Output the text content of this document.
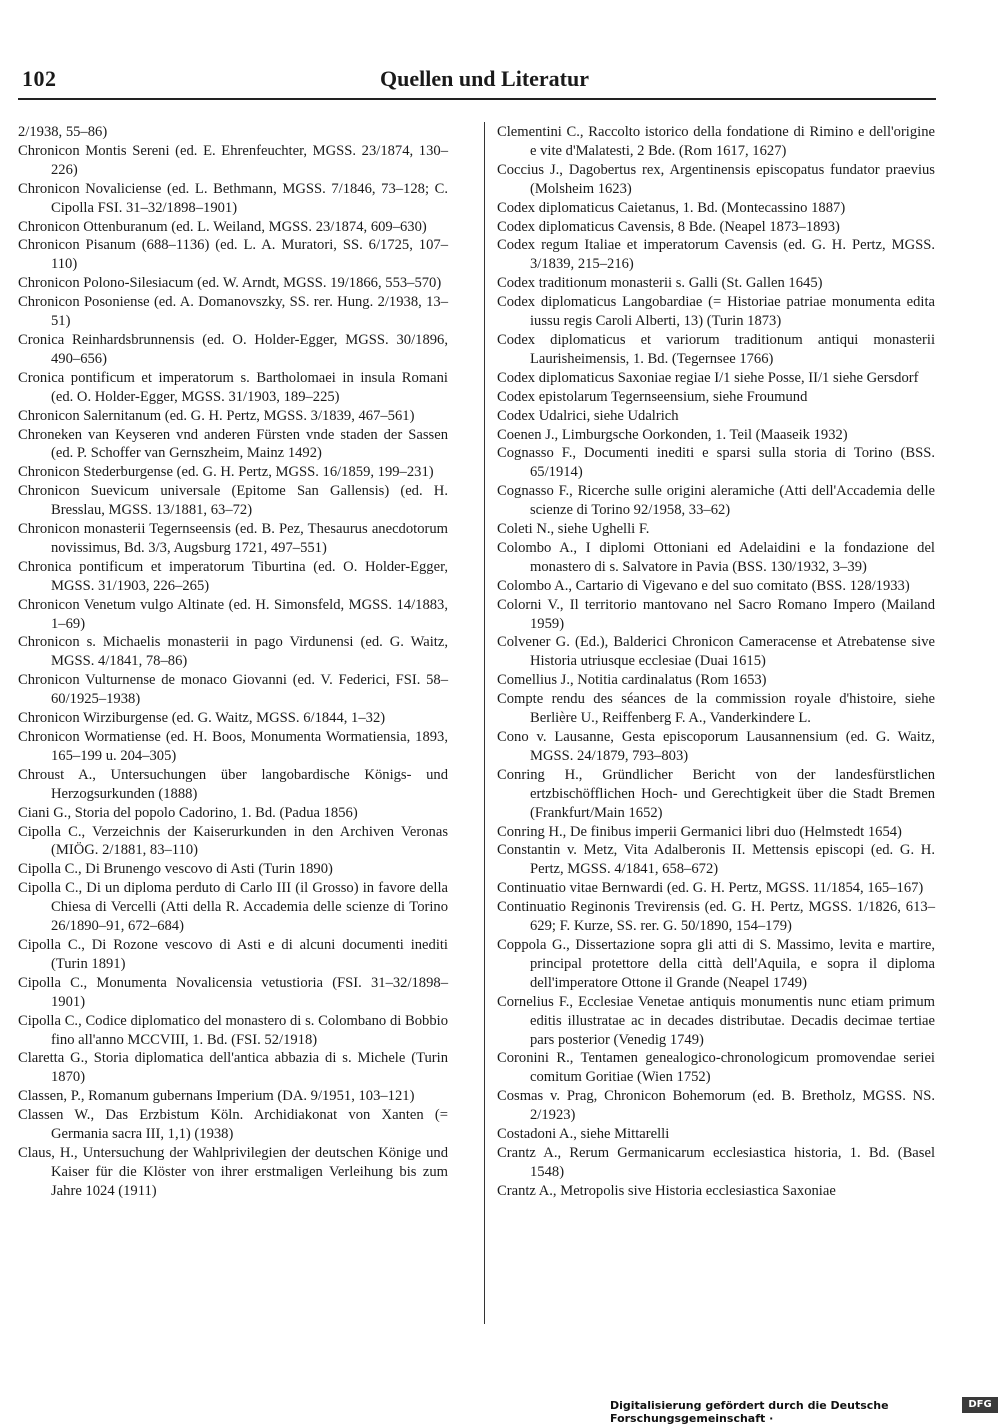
102	Quellen und Literatur
2/1938, 55–86)
Chronicon Montis Sereni (ed. E. Ehrenfeuchter, MGSS. 23/1874, 130–226)
Chronicon Novaliciense (ed. L. Bethmann, MGSS. 7/1846, 73–128; C. Cipolla FSI. 31–32/1898–1901)
Chronicon Ottenburanum (ed. L. Weiland, MGSS. 23/1874, 609–630)
Chronicon Pisanum (688–1136) (ed. L. A. Muratori, SS. 6/1725, 107–110)
Chronicon Polono-Silesiacum (ed. W. Arndt, MGSS. 19/1866, 553–570)
Chronicon Posoniense (ed. A. Domanovszky, SS. rer. Hung. 2/1938, 13–51)
Cronica Reinhardsbrunnensis (ed. O. Holder-Egger, MGSS. 30/1896, 490–656)
Cronica pontificum et imperatorum s. Bartholomaei in insula Romani (ed. O. Holder-Egger, MGSS. 31/1903, 189–225)
Chronicon Salernitanum (ed. G. H. Pertz, MGSS. 3/1839, 467–561)
Chroneken van Keyseren vnd anderen Fürsten vnde staden der Sassen (ed. P. Schoffer van Gernszheim, Mainz 1492)
Chronicon Stederburgense (ed. G. H. Pertz, MGSS. 16/1859, 199–231)
Chronicon Suevicum universale (Epitome San Gallensis) (ed. H. Bresslau, MGSS. 13/1881, 63–72)
Chronicon monasterii Tegernseensis (ed. B. Pez, Thesaurus anecdotorum novissimus, Bd. 3/3, Augsburg 1721, 497–551)
Chronica pontificum et imperatorum Tiburtina (ed. O. Holder-Egger, MGSS. 31/1903, 226–265)
Chronicon Venetum vulgo Altinate (ed. H. Simonsfeld, MGSS. 14/1883, 1–69)
Chronicon s. Michaelis monasterii in pago Virdunensi (ed. G. Waitz, MGSS. 4/1841, 78–86)
Chronicon Vulturnense de monaco Giovanni (ed. V. Federici, FSI. 58–60/1925–1938)
Chronicon Wirziburgense (ed. G. Waitz, MGSS. 6/1844, 1–32)
Chronicon Wormatiense (ed. H. Boos, Monumenta Wormatiensia, 1893, 165–199 u. 204–305)
Chroust A., Untersuchungen über langobardische Königs- und Herzogsurkunden (1888)
Ciani G., Storia del popolo Cadorino, 1. Bd. (Padua 1856)
Cipolla C., Verzeichnis der Kaiserurkunden in den Archiven Veronas (MIÖG. 2/1881, 83–110)
Cipolla C., Di Brunengo vescovo di Asti (Turin 1890)
Cipolla C., Di un diploma perduto di Carlo III (il Grosso) in favore della Chiesa di Vercelli (Atti della R. Accademia delle scienze di Torino 26/1890–91, 672–684)
Cipolla C., Di Rozone vescovo di Asti e di alcuni documenti inediti (Turin 1891)
Cipolla C., Monumenta Novalicensia vetustioria (FSI. 31–32/1898–1901)
Cipolla C., Codice diplomatico del monastero di s. Colombano di Bobbio fino all'anno MCCVIII, 1. Bd. (FSI. 52/1918)
Claretta G., Storia diplomatica dell'antica abbazia di s. Michele (Turin 1870)
Classen, P., Romanum gubernans Imperium (DA. 9/1951, 103–121)
Classen W., Das Erzbistum Köln. Archidiakonat von Xanten (= Germania sacra III, 1,1) (1938)
Claus, H., Untersuchung der Wahlprivilegien der deutschen Könige und Kaiser für die Klöster von ihrer erstmaligen Verleihung bis zum Jahre 1024 (1911)
Clementini C., Raccolto istorico della fondatione di Rimino e dell'origine e vite d'Malatesti, 2 Bde. (Rom 1617, 1627)
Coccius J., Dagobertus rex, Argentinensis episcopatus fundator praevius (Molsheim 1623)
Codex diplomaticus Caietanus, 1. Bd. (Montecassino 1887)
Codex diplomaticus Cavensis, 8 Bde. (Neapel 1873–1893)
Codex regum Italiae et imperatorum Cavensis (ed. G. H. Pertz, MGSS. 3/1839, 215–216)
Codex traditionum monasterii s. Galli (St. Gallen 1645)
Codex diplomaticus Langobardiae (= Historiae patriae monumenta edita iussu regis Caroli Alberti, 13) (Turin 1873)
Codex diplomaticus et variorum traditionum antiqui monasterii Laurisheimensis, 1. Bd. (Tegernsee 1766)
Codex diplomaticus Saxoniae regiae I/1 siehe Posse, II/1 siehe Gersdorf
Codex epistolarum Tegernseensium, siehe Froumund
Codex Udalrici, siehe Udalrich
Coenen J., Limburgsche Oorkonden, 1. Teil (Maaseik 1932)
Cognasso F., Documenti inediti e sparsi sulla storia di Torino (BSS. 65/1914)
Cognasso F., Ricerche sulle origini aleramiche (Atti dell'Accademia delle scienze di Torino 92/1958, 33–62)
Coleti N., siehe Ughelli F.
Colombo A., I diplomi Ottoniani ed Adelaidini e la fondazione del monastero di s. Salvatore in Pavia (BSS. 130/1932, 3–39)
Colombo A., Cartario di Vigevano e del suo comitato (BSS. 128/1933)
Colorni V., Il territorio mantovano nel Sacro Romano Impero (Mailand 1959)
Colvener G. (Ed.), Balderici Chronicon Cameracense et Atrebatense sive Historia utriusque ecclesiae (Duai 1615)
Comellius J., Notitia cardinalatus (Rom 1653)
Compte rendu des séances de la commission royale d'histoire, siehe Berlière U., Reiffenberg F. A., Vanderkindere L.
Cono v. Lausanne, Gesta episcoporum Lausannensium (ed. G. Waitz, MGSS. 24/1879, 793–803)
Conring H., Gründlicher Bericht von der landesfürstlichen ertzbischöfflichen Hoch- und Gerechtigkeit über die Stadt Bremen (Frankfurt/Main 1652)
Conring H., De finibus imperii Germanici libri duo (Helmstedt 1654)
Constantin v. Metz, Vita Adalberonis II. Mettensis episcopi (ed. G. H. Pertz, MGSS. 4/1841, 658–672)
Continuatio vitae Bernwardi (ed. G. H. Pertz, MGSS. 11/1854, 165–167)
Continuatio Reginonis Trevirensis (ed. G. H. Pertz, MGSS. 1/1826, 613–629; F. Kurze, SS. rer. G. 50/1890, 154–179)
Coppola G., Dissertazione sopra gli atti di S. Massimo, levita e martire, principal protettore della città dell'Aquila, e sopra il diploma dell'imperatore Ottone il Grande (Neapel 1749)
Cornelius F., Ecclesiae Venetae antiquis monumentis nunc etiam primum editis illustratae ac in decades distributae. Decadis decimae tertiae pars posterior (Venedig 1749)
Coronini R., Tentamen genealogico-chronologicum promovendae seriei comitum Goritiae (Wien 1752)
Cosmas v. Prag, Chronicon Bohemorum (ed. B. Bretholz, MGSS. NS. 2/1923)
Costadoni A., siehe Mittarelli
Crantz A., Rerum Germanicarum ecclesiastica historia, 1. Bd. (Basel 1548)
Crantz A., Metropolis sive Historia ecclesiastica Saxoniae
Digitalisierung gefördert durch die Deutsche Forschungsgemeinschaft ·
DFG
